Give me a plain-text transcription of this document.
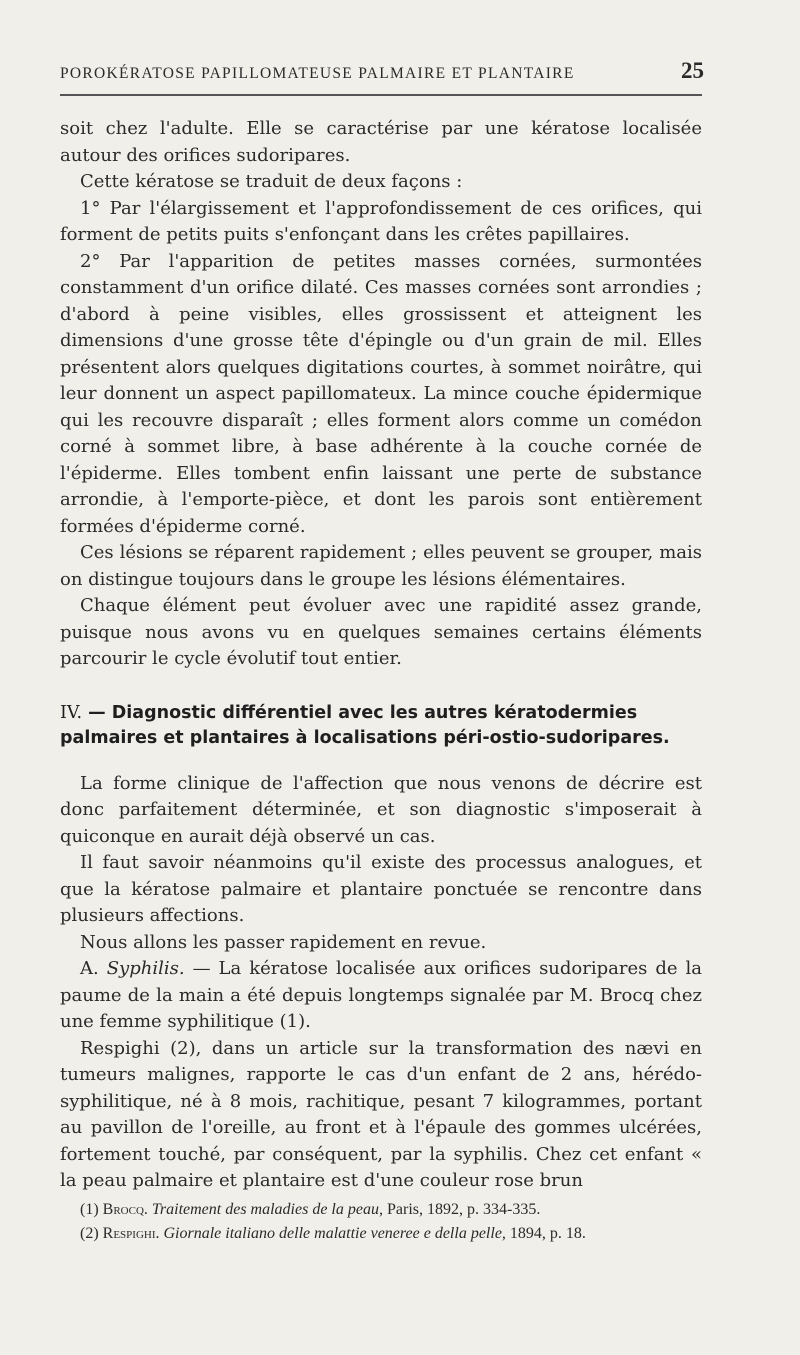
POROKÉRATOSE PAPILLOMATEUSE PALMAIRE ET PLANTAIRE	25

soit chez l'adulte. Elle se caractérise par une kératose localisée autour des orifices sudoripares.

Cette kératose se traduit de deux façons :

1° Par l'élargissement et l'approfondissement de ces orifices, qui forment de petits puits s'enfonçant dans les crêtes papillaires.

2° Par l'apparition de petites masses cornées, surmontées constamment d'un orifice dilaté. Ces masses cornées sont arrondies ; d'abord à peine visibles, elles grossissent et atteignent les dimensions d'une grosse tête d'épingle ou d'un grain de mil. Elles présentent alors quelques digitations courtes, à sommet noirâtre, qui leur donnent un aspect papillomateux. La mince couche épidermique qui les recouvre disparaît ; elles forment alors comme un comédon corné à sommet libre, à base adhérente à la couche cornée de l'épiderme. Elles tombent enfin laissant une perte de substance arrondie, à l'emporte-pièce, et dont les parois sont entièrement formées d'épiderme corné.

Ces lésions se réparent rapidement ; elles peuvent se grouper, mais on distingue toujours dans le groupe les lésions élémentaires.

Chaque élément peut évoluer avec une rapidité assez grande, puisque nous avons vu en quelques semaines certains éléments parcourir le cycle évolutif tout entier.

IV. — Diagnostic différentiel avec les autres kératodermies palmaires et plantaires à localisations péri-ostio-sudoripares.

La forme clinique de l'affection que nous venons de décrire est donc parfaitement déterminée, et son diagnostic s'imposerait à quiconque en aurait déjà observé un cas.

Il faut savoir néanmoins qu'il existe des processus analogues, et que la kératose palmaire et plantaire ponctuée se rencontre dans plusieurs affections.

Nous allons les passer rapidement en revue.

A. Syphilis. — La kératose localisée aux orifices sudoripares de la paume de la main a été depuis longtemps signalée par M. Brocq chez une femme syphilitique (1).

Respighi (2), dans un article sur la transformation des nævi en tumeurs malignes, rapporte le cas d'un enfant de 2 ans, hérédo-syphilitique, né à 8 mois, rachitique, pesant 7 kilogrammes, portant au pavillon de l'oreille, au front et à l'épaule des gommes ulcérées, fortement touché, par conséquent, par la syphilis. Chez cet enfant « la peau palmaire et plantaire est d'une couleur rose brun

(1) Brocq. Traitement des maladies de la peau, Paris, 1892, p. 334-335.
(2) Respighi. Giornale italiano delle malattie veneree e della pelle, 1894, p. 18.
